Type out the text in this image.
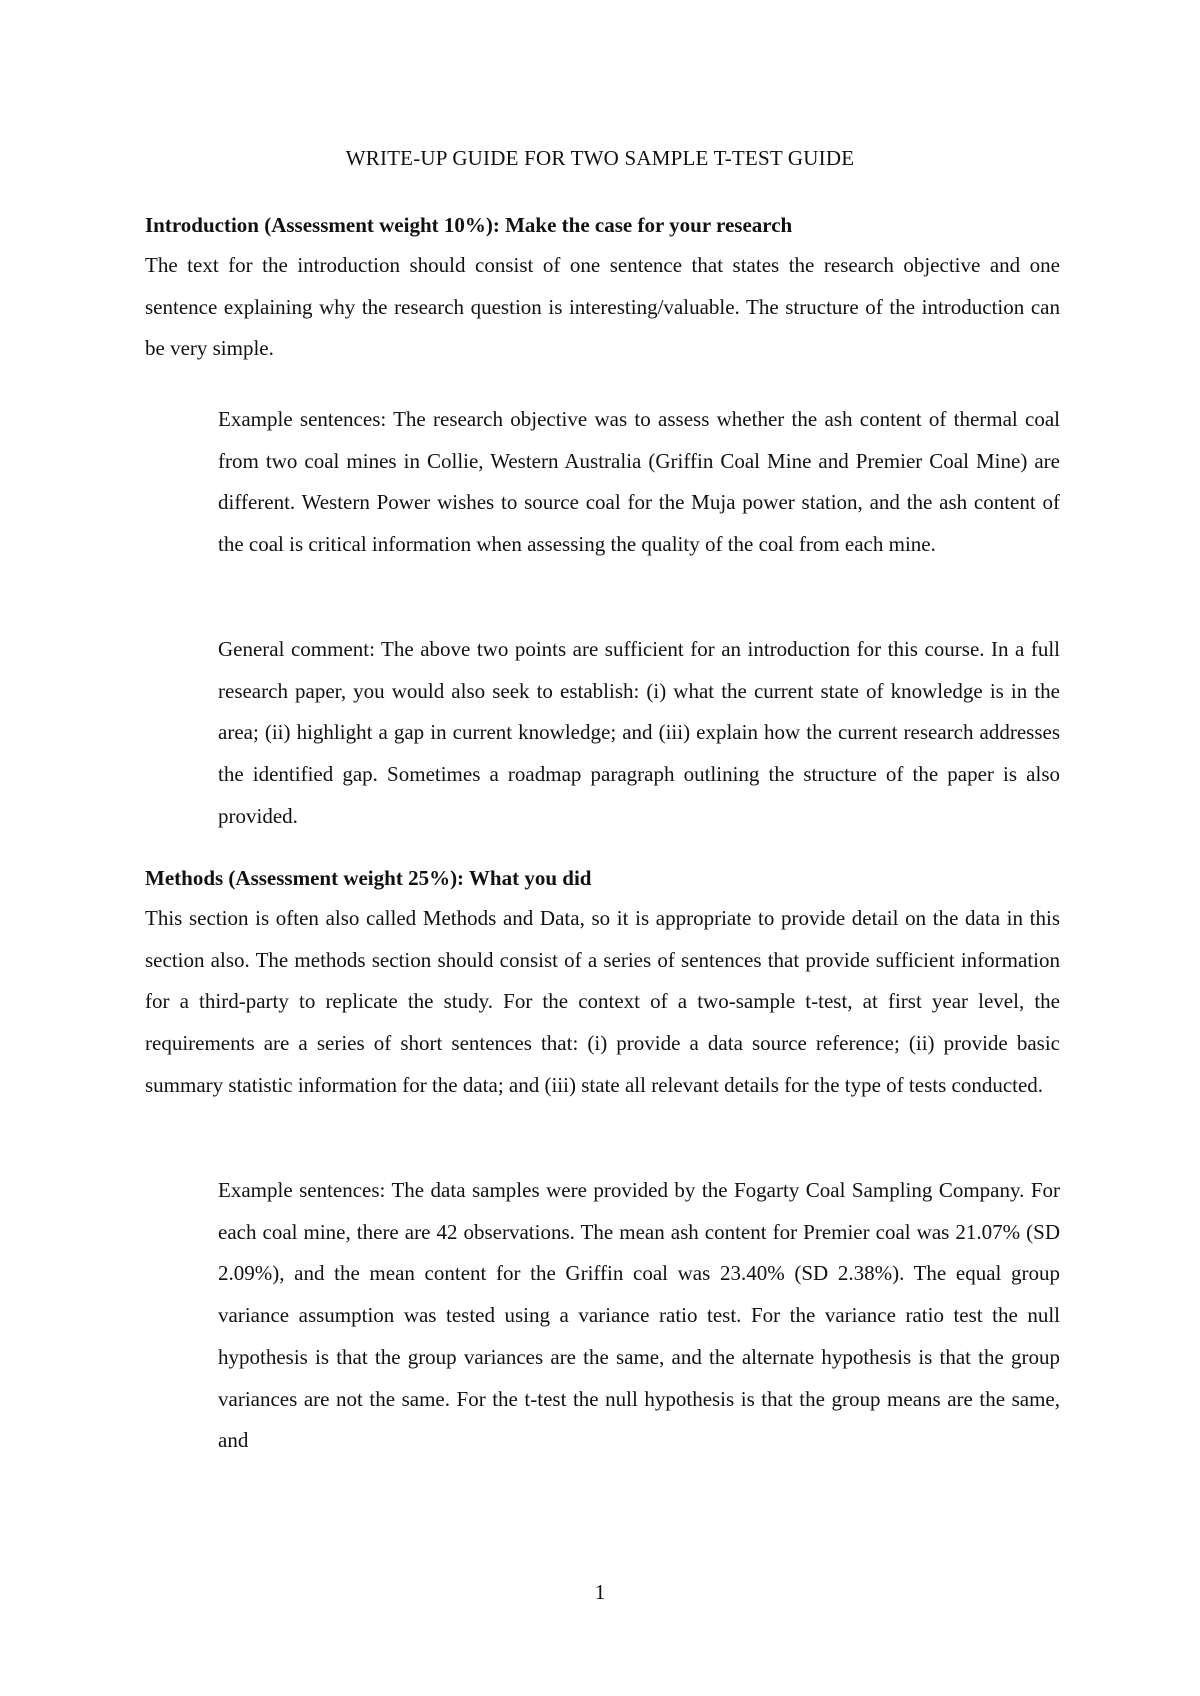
WRITE-UP GUIDE FOR TWO SAMPLE T-TEST GUIDE
Introduction (Assessment weight 10%): Make the case for your research

The text for the introduction should consist of one sentence that states the research objective and one sentence explaining why the research question is interesting/valuable. The structure of the introduction can be very simple.

Example sentences: The research objective was to assess whether the ash content of thermal coal from two coal mines in Collie, Western Australia (Griffin Coal Mine and Premier Coal Mine) are different. Western Power wishes to source coal for the Muja power station, and the ash content of the coal is critical information when assessing the quality of the coal from each mine.

General comment: The above two points are sufficient for an introduction for this course. In a full research paper, you would also seek to establish: (i) what the current state of knowledge is in the area; (ii) highlight a gap in current knowledge; and (iii) explain how the current research addresses the identified gap. Sometimes a roadmap paragraph outlining the structure of the paper is also provided.

Methods (Assessment weight 25%): What you did

This section is often also called Methods and Data, so it is appropriate to provide detail on the data in this section also. The methods section should consist of a series of sentences that provide sufficient information for a third-party to replicate the study. For the context of a two-sample t-test, at first year level, the requirements are a series of short sentences that: (i) provide a data source reference; (ii) provide basic summary statistic information for the data; and (iii) state all relevant details for the type of tests conducted.

Example sentences: The data samples were provided by the Fogarty Coal Sampling Company. For each coal mine, there are 42 observations. The mean ash content for Premier coal was 21.07% (SD 2.09%), and the mean content for the Griffin coal was 23.40% (SD 2.38%). The equal group variance assumption was tested using a variance ratio test. For the variance ratio test the null hypothesis is that the group variances are the same, and the alternate hypothesis is that the group variances are not the same. For the t-test the null hypothesis is that the group means are the same, and

1
